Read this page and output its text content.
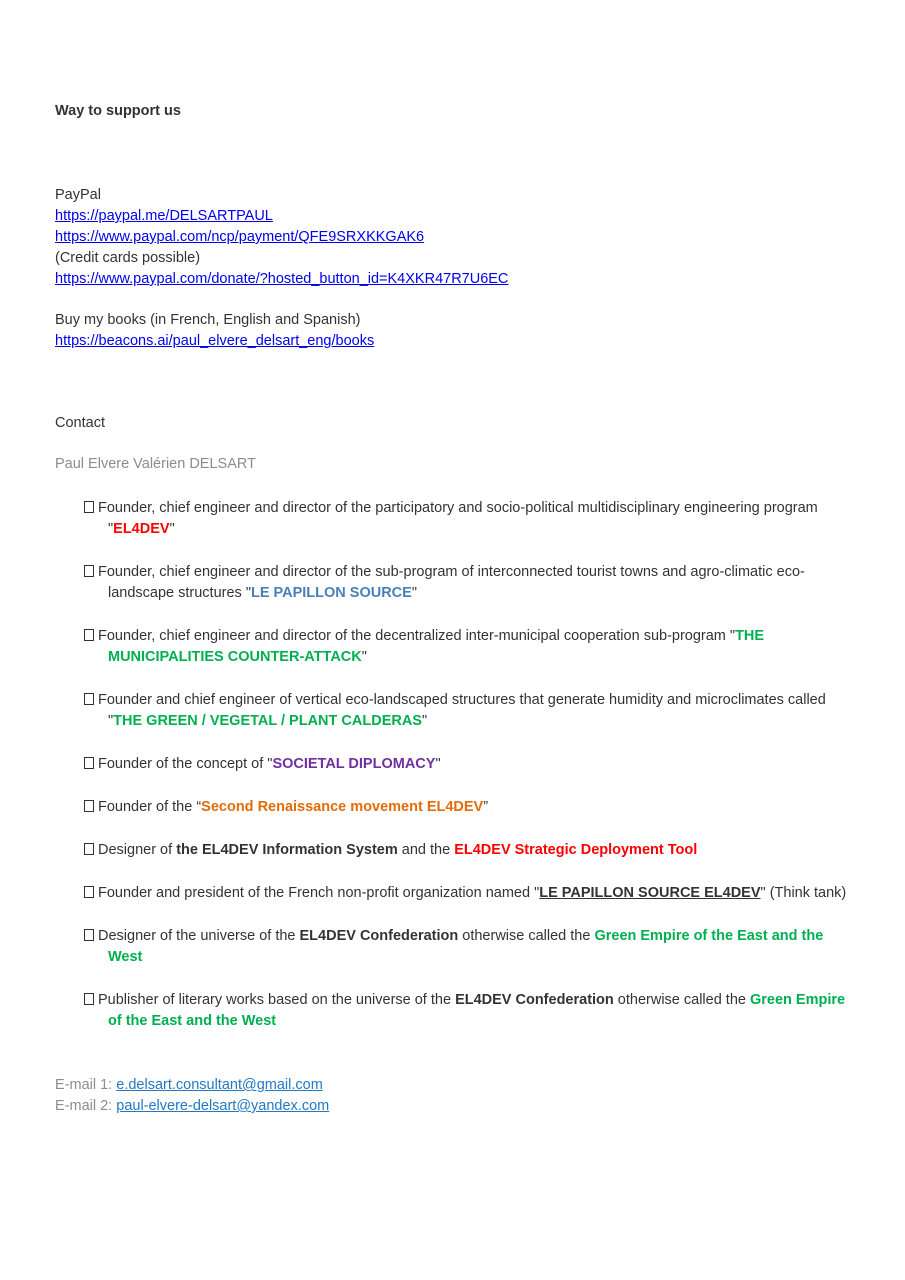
Way to support us

PayPal
https://paypal.me/DELSARTPAUL
https://www.paypal.com/ncp/payment/QFE9SRXKKGAK6
(Credit cards possible)
https://www.paypal.com/donate/?hosted_button_id=K4XKR47R7U6EC
Buy my books (in French, English and Spanish)
https://beacons.ai/paul_elvere_delsart_eng/books

Contact

Paul Elvere Valérien DELSART
Founder, chief engineer and director of the participatory and socio-political multidisciplinary engineering program "EL4DEV"
Founder, chief engineer and director of the sub-program of interconnected tourist towns and agro-climatic eco-landscape structures "LE PAPILLON SOURCE"
Founder, chief engineer and director of the decentralized inter-municipal cooperation sub-program "THE MUNICIPALITIES COUNTER-ATTACK"
Founder and chief engineer of vertical eco-landscaped structures that generate humidity and microclimates called "THE GREEN / VEGETAL / PLANT CALDERAS"
Founder of the concept of "SOCIETAL DIPLOMACY"
Founder of the “Second Renaissance movement EL4DEV”
Designer of the EL4DEV Information System and the EL4DEV Strategic Deployment Tool
Founder and president of the French non-profit organization named "LE PAPILLON SOURCE EL4DEV" (Think tank)
Designer of the universe of the EL4DEV Confederation otherwise called the Green Empire of the East and the West
Publisher of literary works based on the universe of the EL4DEV Confederation otherwise called the Green Empire of the East and the West
E-mail 1: e.delsart.consultant@gmail.com
E-mail 2: paul-elvere-delsart@yandex.com
